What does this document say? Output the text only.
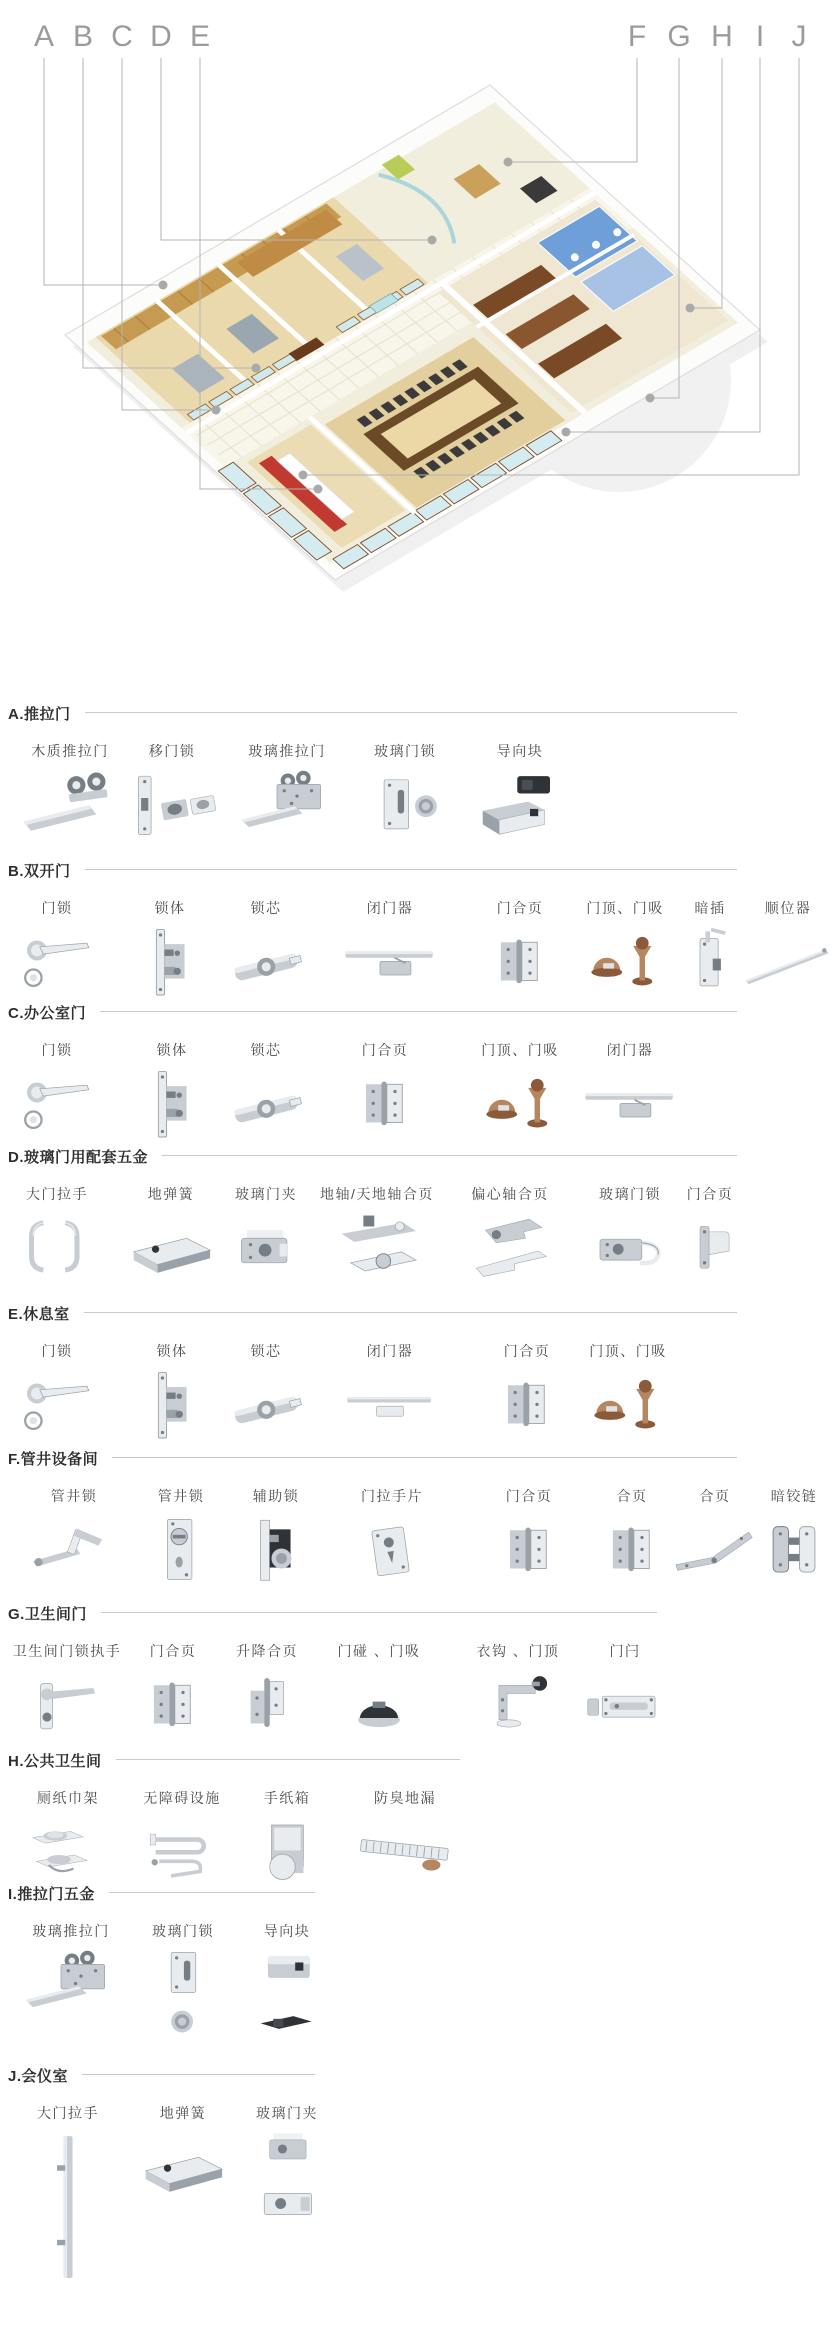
A B C D E	F G H I J
A.推拉门
木质推拉门	移门锁	玻璃推拉门	玻璃门锁	导向块
B.双开门
门锁	锁体	锁芯	闭门器	门合页	门顶、门吸	暗插	顺位器
C.办公室门
门锁	锁体	锁芯	门合页	门顶、门吸	闭门器
D.玻璃门用配套五金
大门拉手	地弹簧	玻璃门夹	地轴/天地轴合页	偏心轴合页	玻璃门锁	门合页
E.休息室
门锁	锁体	锁芯	闭门器	门合页	门顶、门吸
F.管井设备间
管井锁	管井锁	辅助锁	门拉手片	门合页	合页	合页	暗铰链
G.卫生间门
卫生间门锁执手	门合页	升降合页	门碰 、门吸	衣钩 、门顶	门闩
H.公共卫生间
厕纸巾架	无障碍设施	手纸箱	防臭地漏
I.推拉门五金
玻璃推拉门	玻璃门锁	导向块
J.会仪室
大门拉手	地弹簧	玻璃门夹
